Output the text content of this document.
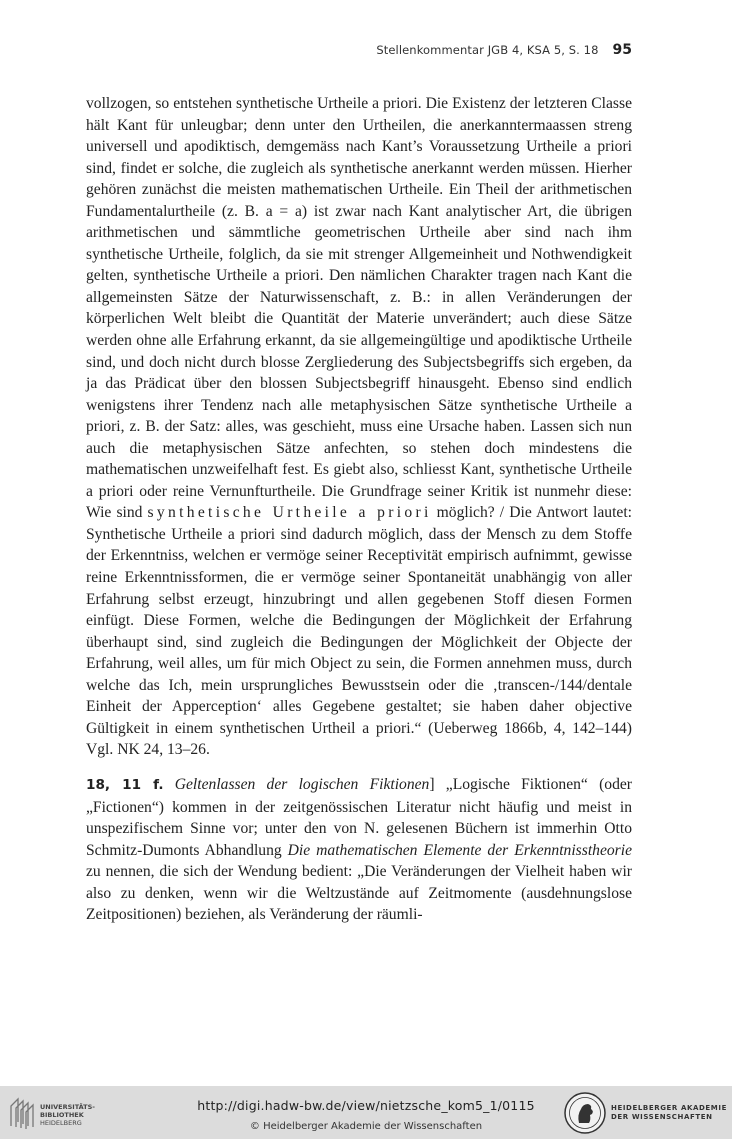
Stellenkommentar JGB 4, KSA 5, S. 18 95

vollzogen, so entstehen synthetische Urtheile a priori. Die Existenz der letzteren Classe hält Kant für unleugbar; denn unter den Urtheilen, die anerkanntermaassen streng universell und apodiktisch, demgemäss nach Kant’s Voraussetzung Urtheile a priori sind, findet er solche, die zugleich als synthetische anerkannt werden müssen. Hierher gehören zunächst die meisten mathematischen Urtheile. Ein Theil der arithmetischen Fundamentalurtheile (z. B. a = a) ist zwar nach Kant analytischer Art, die übrigen arithmetischen und sämmtliche geometrischen Urtheile aber sind nach ihm synthetische Urtheile, folglich, da sie mit strenger Allgemeinheit und Nothwendigkeit gelten, synthetische Urtheile a priori. Den nämlichen Charakter tragen nach Kant die allgemeinsten Sätze der Naturwissenschaft, z. B.: in allen Veränderungen der körperlichen Welt bleibt die Quantität der Materie unverändert; auch diese Sätze werden ohne alle Erfahrung erkannt, da sie allgemeingültige und apodiktische Urtheile sind, und doch nicht durch blosse Zergliederung des Subjectsbegriffs sich ergeben, da ja das Prädicat über den blossen Subjectsbegriff hinausgeht. Ebenso sind endlich wenigstens ihrer Tendenz nach alle metaphysischen Sätze synthetische Urtheile a priori, z. B. der Satz: alles, was geschieht, muss eine Ursache haben. Lassen sich nun auch die metaphysischen Sätze anfechten, so stehen doch mindestens die mathematischen unzweifelhaft fest. Es giebt also, schliesst Kant, synthetische Urtheile a priori oder reine Vernunfturtheile. Die Grundfrage seiner Kritik ist nunmehr diese: Wie sind synthetische Urtheile a priori möglich? / Die Antwort lautet: Synthetische Urtheile a priori sind dadurch möglich, dass der Mensch zu dem Stoffe der Erkenntniss, welchen er vermöge seiner Receptivität empirisch aufnimmt, gewisse reine Erkenntnissformen, die er vermöge seiner Spontaneität unabhängig von aller Erfahrung selbst erzeugt, hinzubringt und allen gegebenen Stoff diesen Formen einfügt. Diese Formen, welche die Bedingungen der Möglichkeit der Erfahrung überhaupt sind, sind zugleich die Bedingungen der Möglichkeit der Objecte der Erfahrung, weil alles, um für mich Object zu sein, die Formen annehmen muss, durch welche das Ich, mein ursprungliches Bewusstsein oder die ‚transcen-/144/dentale Einheit der Apperception‘ alles Gegebene gestaltet; sie haben daher objective Gültigkeit in einem synthetischen Urtheil a priori.“ (Ueberweg 1866b, 4, 142–144) Vgl. NK 24, 13–26.

18, 11 f. Geltenlassen der logischen Fiktionen] „Logische Fiktionen“ (oder „Fictionen“) kommen in der zeitgenössischen Literatur nicht häufig und meist in unspezifischem Sinne vor; unter den von N. gelesenen Büchern ist immerhin Otto Schmitz-Dumonts Abhandlung Die mathematischen Elemente der Erkenntnisstheorie zu nennen, die sich der Wendung bedient: „Die Veränderungen der Vielheit haben wir also zu denken, wenn wir die Weltzustände auf Zeitmomente (ausdehnungslose Zeitpositionen) beziehen, als Veränderung der räumli-

UNIVERSITÄTS-
BIBLIOTHEK
HEIDELBERG
http://digi.hadw-bw.de/view/nietzsche_kom5_1/0115
© Heidelberger Akademie der Wissenschaften
HEIDELBERGER AKADEMIE
DER WISSENSCHAFTEN
